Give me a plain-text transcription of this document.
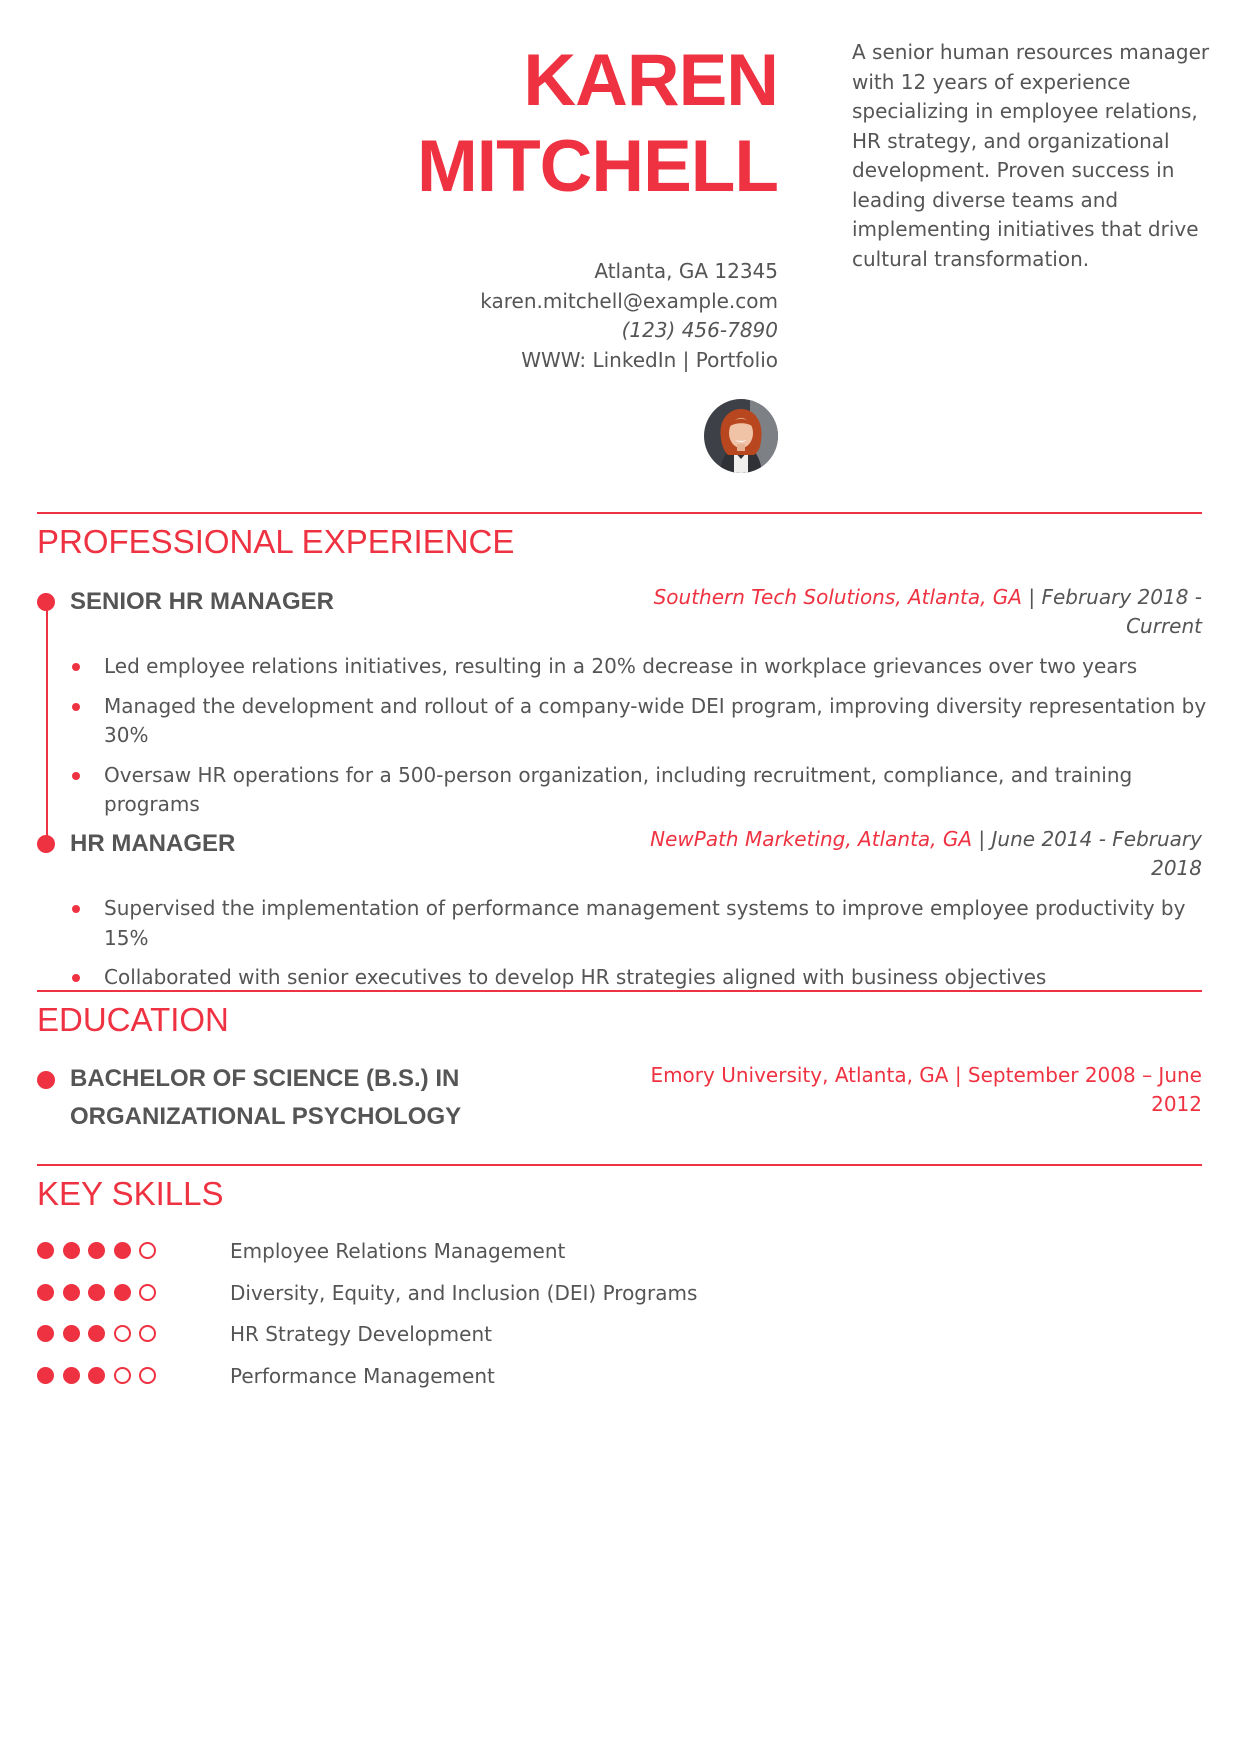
KAREN
MITCHELL
A senior human resources manager with 12 years of experience specializing in employee relations, HR strategy, and organizational development. Proven success in leading diverse teams and implementing initiatives that drive cultural transformation.
Atlanta, GA 12345
karen.mitchell@example.com
(123) 456-7890
WWW: LinkedIn | Portfolio
PROFESSIONAL EXPERIENCE
SENIOR HR MANAGER	Southern Tech Solutions, Atlanta, GA | February 2018 - Current
Led employee relations initiatives, resulting in a 20% decrease in workplace grievances over two years
Managed the development and rollout of a company-wide DEI program, improving diversity representation by 30%
Oversaw HR operations for a 500-person organization, including recruitment, compliance, and training programs
HR MANAGER	NewPath Marketing, Atlanta, GA | June 2014 - February 2018
Supervised the implementation of performance management systems to improve employee productivity by 15%
Collaborated with senior executives to develop HR strategies aligned with business objectives
EDUCATION
BACHELOR OF SCIENCE (B.S.) IN ORGANIZATIONAL PSYCHOLOGY
Emory University, Atlanta, GA | September 2008 – June 2012
KEY SKILLS
Employee Relations Management
Diversity, Equity, and Inclusion (DEI) Programs
HR Strategy Development
Performance Management
